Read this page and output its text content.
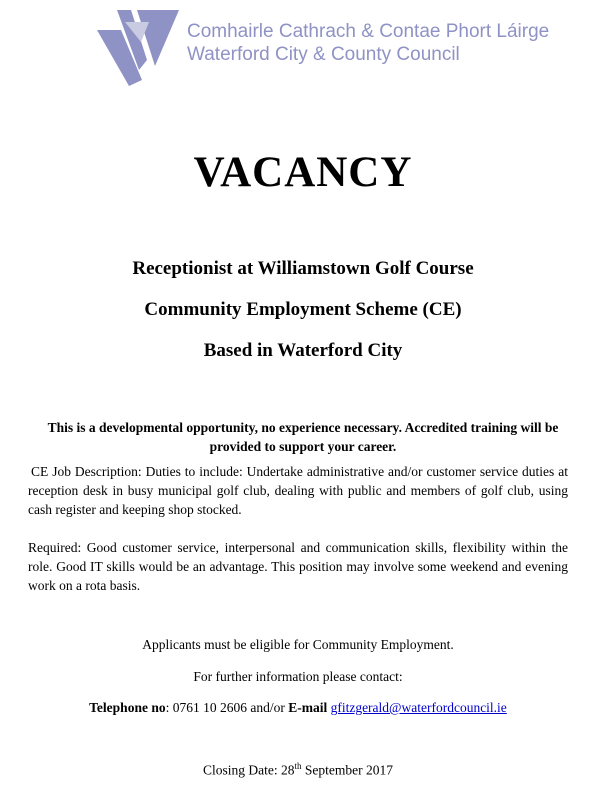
Comhairle Cathrach & Contae Phort Láirge
Waterford City & County Council
VACANCY
Receptionist at Williamstown Golf Course
Community Employment Scheme (CE)
Based in Waterford City
This is a developmental opportunity, no experience necessary. Accredited training will be provided to support your career.
CE Job Description: Duties to include: Undertake administrative and/or customer service duties at reception desk in busy municipal golf club, dealing with public and members of golf club, using cash register and keeping shop stocked.
Required: Good customer service, interpersonal and communication skills, flexibility within the role. Good IT skills would be an advantage. This position may involve some weekend and evening work on a rota basis.
Applicants must be eligible for Community Employment.
For further information please contact:
Telephone no: 0761 10 2606 and/or E-mail gfitzgerald@waterfordcouncil.ie
Closing Date: 28th September 2017
